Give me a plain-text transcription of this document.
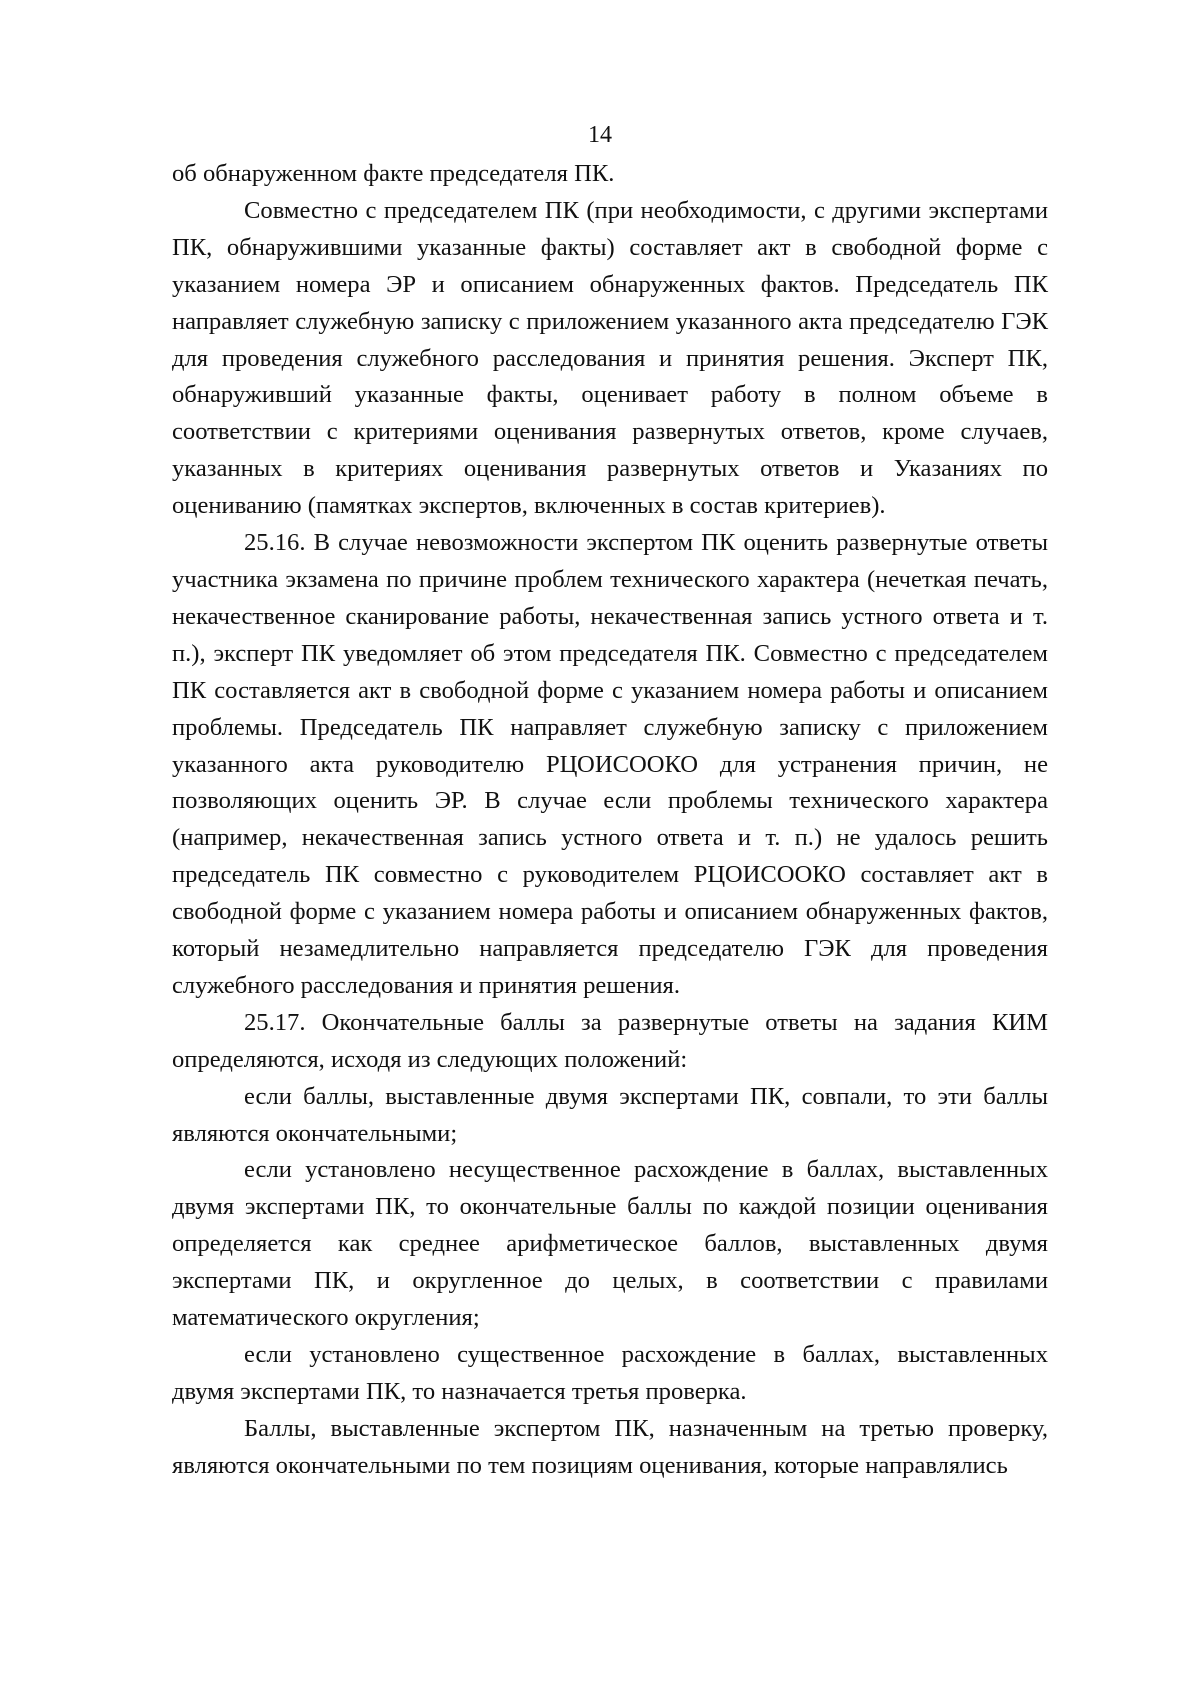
14

об обнаруженном факте председателя ПК.

Совместно с председателем ПК (при необходимости, с другими экспертами ПК, обнаружившими указанные факты) составляет акт в свободной форме с указанием номера ЭР и описанием обнаруженных фактов. Председатель ПК направляет служебную записку с приложением указанного акта председателю ГЭК для проведения служебного расследования и принятия решения. Эксперт ПК, обнаруживший указанные факты, оценивает работу в полном объеме в соответствии с критериями оценивания развернутых ответов, кроме случаев, указанных в критериях оценивания развернутых ответов и Указаниях по оцениванию (памятках экспертов, включенных в состав критериев).

25.16. В случае невозможности экспертом ПК оценить развернутые ответы участника экзамена по причине проблем технического характера (нечеткая печать, некачественное сканирование работы, некачественная запись устного ответа и т. п.), эксперт ПК уведомляет об этом председателя ПК. Совместно с председателем ПК составляется акт в свободной форме с указанием номера работы и описанием проблемы. Председатель ПК направляет служебную записку с приложением указанного акта руководителю РЦОИСООКО для устранения причин, не позволяющих оценить ЭР. В случае если проблемы технического характера (например, некачественная запись устного ответа и т. п.) не удалось решить председатель ПК совместно с руководителем РЦОИСООКО составляет акт в свободной форме с указанием номера работы и описанием обнаруженных фактов, который незамедлительно направляется председателю ГЭК для проведения служебного расследования и принятия решения.

25.17. Окончательные баллы за развернутые ответы на задания КИМ определяются, исходя из следующих положений:

если баллы, выставленные двумя экспертами ПК, совпали, то эти баллы являются окончательными;

если установлено несущественное расхождение в баллах, выставленных двумя экспертами ПК, то окончательные баллы по каждой позиции оценивания определяется как среднее арифметическое баллов, выставленных двумя экспертами ПК, и округленное до целых, в соответствии с правилами математического округления;

если установлено существенное расхождение в баллах, выставленных двумя экспертами ПК, то назначается третья проверка.

Баллы, выставленные экспертом ПК, назначенным на третью проверку, являются окончательными по тем позициям оценивания, которые направлялись
